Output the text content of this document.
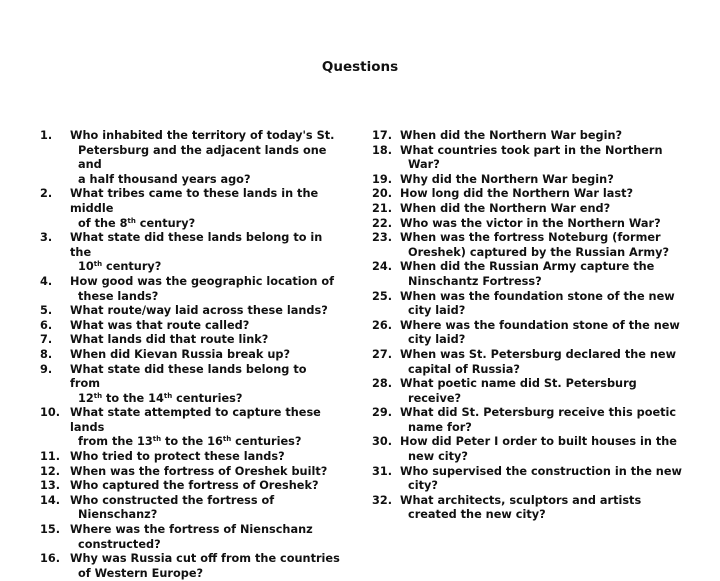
Questions
1. Who inhabited the territory of today's St.
Petersburg and the adjacent lands one and
a half thousand years ago?
2. What tribes came to these lands in the middle
of the 8th century?
3. What state did these lands belong to in the
10th century?
4. How good was the geographic location of
these lands?
5. What route/way laid across these lands?
6. What was that route called?
7. What lands did that route link?
8. When did Kievan Russia break up?
9. What state did these lands belong to from
12th to the 14th centuries?
10. What state attempted to capture these lands
from the 13th to the 16th centuries?
11. Who tried to protect these lands?
12. When was the fortress of Oreshek built?
13. Who captured the fortress of Oreshek?
14. Who constructed the fortress of
Nienschanz?
15. Where was the fortress of Nienschanz
constructed?
16. Why was Russia cut off from the countries
of Western Europe?
17. When did the Northern War begin?
18. What countries took part in the Northern
War?
19. Why did the Northern War begin?
20. How long did the Northern War last?
21. When did the Northern War end?
22. Who was the victor in the Northern War?
23. When was the fortress Noteburg (former
Oreshek) captured by the Russian Army?
24. When did the Russian Army capture the
Ninschantz Fortress?
25. When was the foundation stone of the new
city laid?
26. Where was the foundation stone of the new
city laid?
27. When was St. Petersburg declared the new
capital of Russia?
28. What poetic name did St. Petersburg
receive?
29. What did St. Petersburg receive this poetic
name for?
30. How did Peter I order to built houses in the
new city?
31. Who supervised the construction in the new
city?
32. What architects, sculptors and artists
created the new city?
